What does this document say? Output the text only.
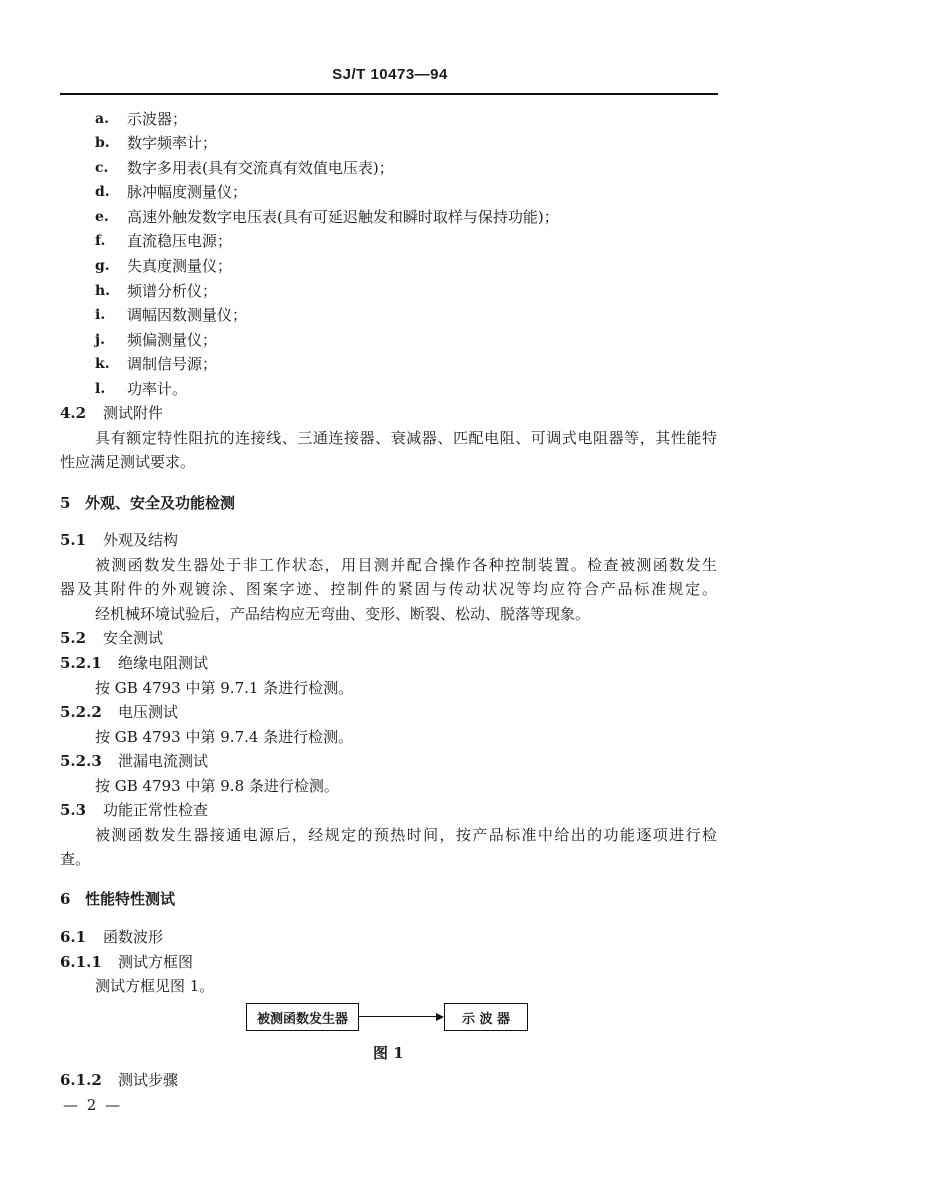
SJ/T 10473—94
a. 示波器；
b. 数字频率计；
c. 数字多用表(具有交流真有效值电压表)；
d. 脉冲幅度测量仪；
e. 高速外触发数字电压表(具有可延迟触发和瞬时取样与保持功能)；
f. 直流稳压电源；
g. 失真度测量仪；
h. 频谱分析仪；
i. 调幅因数测量仪；
j. 频偏测量仪；
k. 调制信号源；
l. 功率计。
4.2 测试附件
具有额定特性阻抗的连接线、三通连接器、衰减器、匹配电阻、可调式电阻器等，其性能特
性应满足测试要求。
5 外观、安全及功能检测
5.1 外观及结构
被测函数发生器处于非工作状态，用目测并配合操作各种控制装置。检查被测函数发生
器及其附件的外观镀涂、图案字迹、控制件的紧固与传动状况等均应符合产品标准规定。
经机械环境试验后，产品结构应无弯曲、变形、断裂、松动、脱落等现象。
5.2 安全测试
5.2.1 绝缘电阻测试
按 GB 4793 中第 9.7.1 条进行检测。
5.2.2 电压测试
按 GB 4793 中第 9.7.4 条进行检测。
5.2.3 泄漏电流测试
按 GB 4793 中第 9.8 条进行检测。
5.3 功能正常性检查
被测函数发生器接通电源后，经规定的预热时间，按产品标准中给出的功能逐项进行检
查。
6 性能特性测试
6.1 函数波形
6.1.1 测试方框图
测试方框见图 1。
被测函数发生器	示 波 器
图 1
6.1.2 测试步骤
— 2 —
